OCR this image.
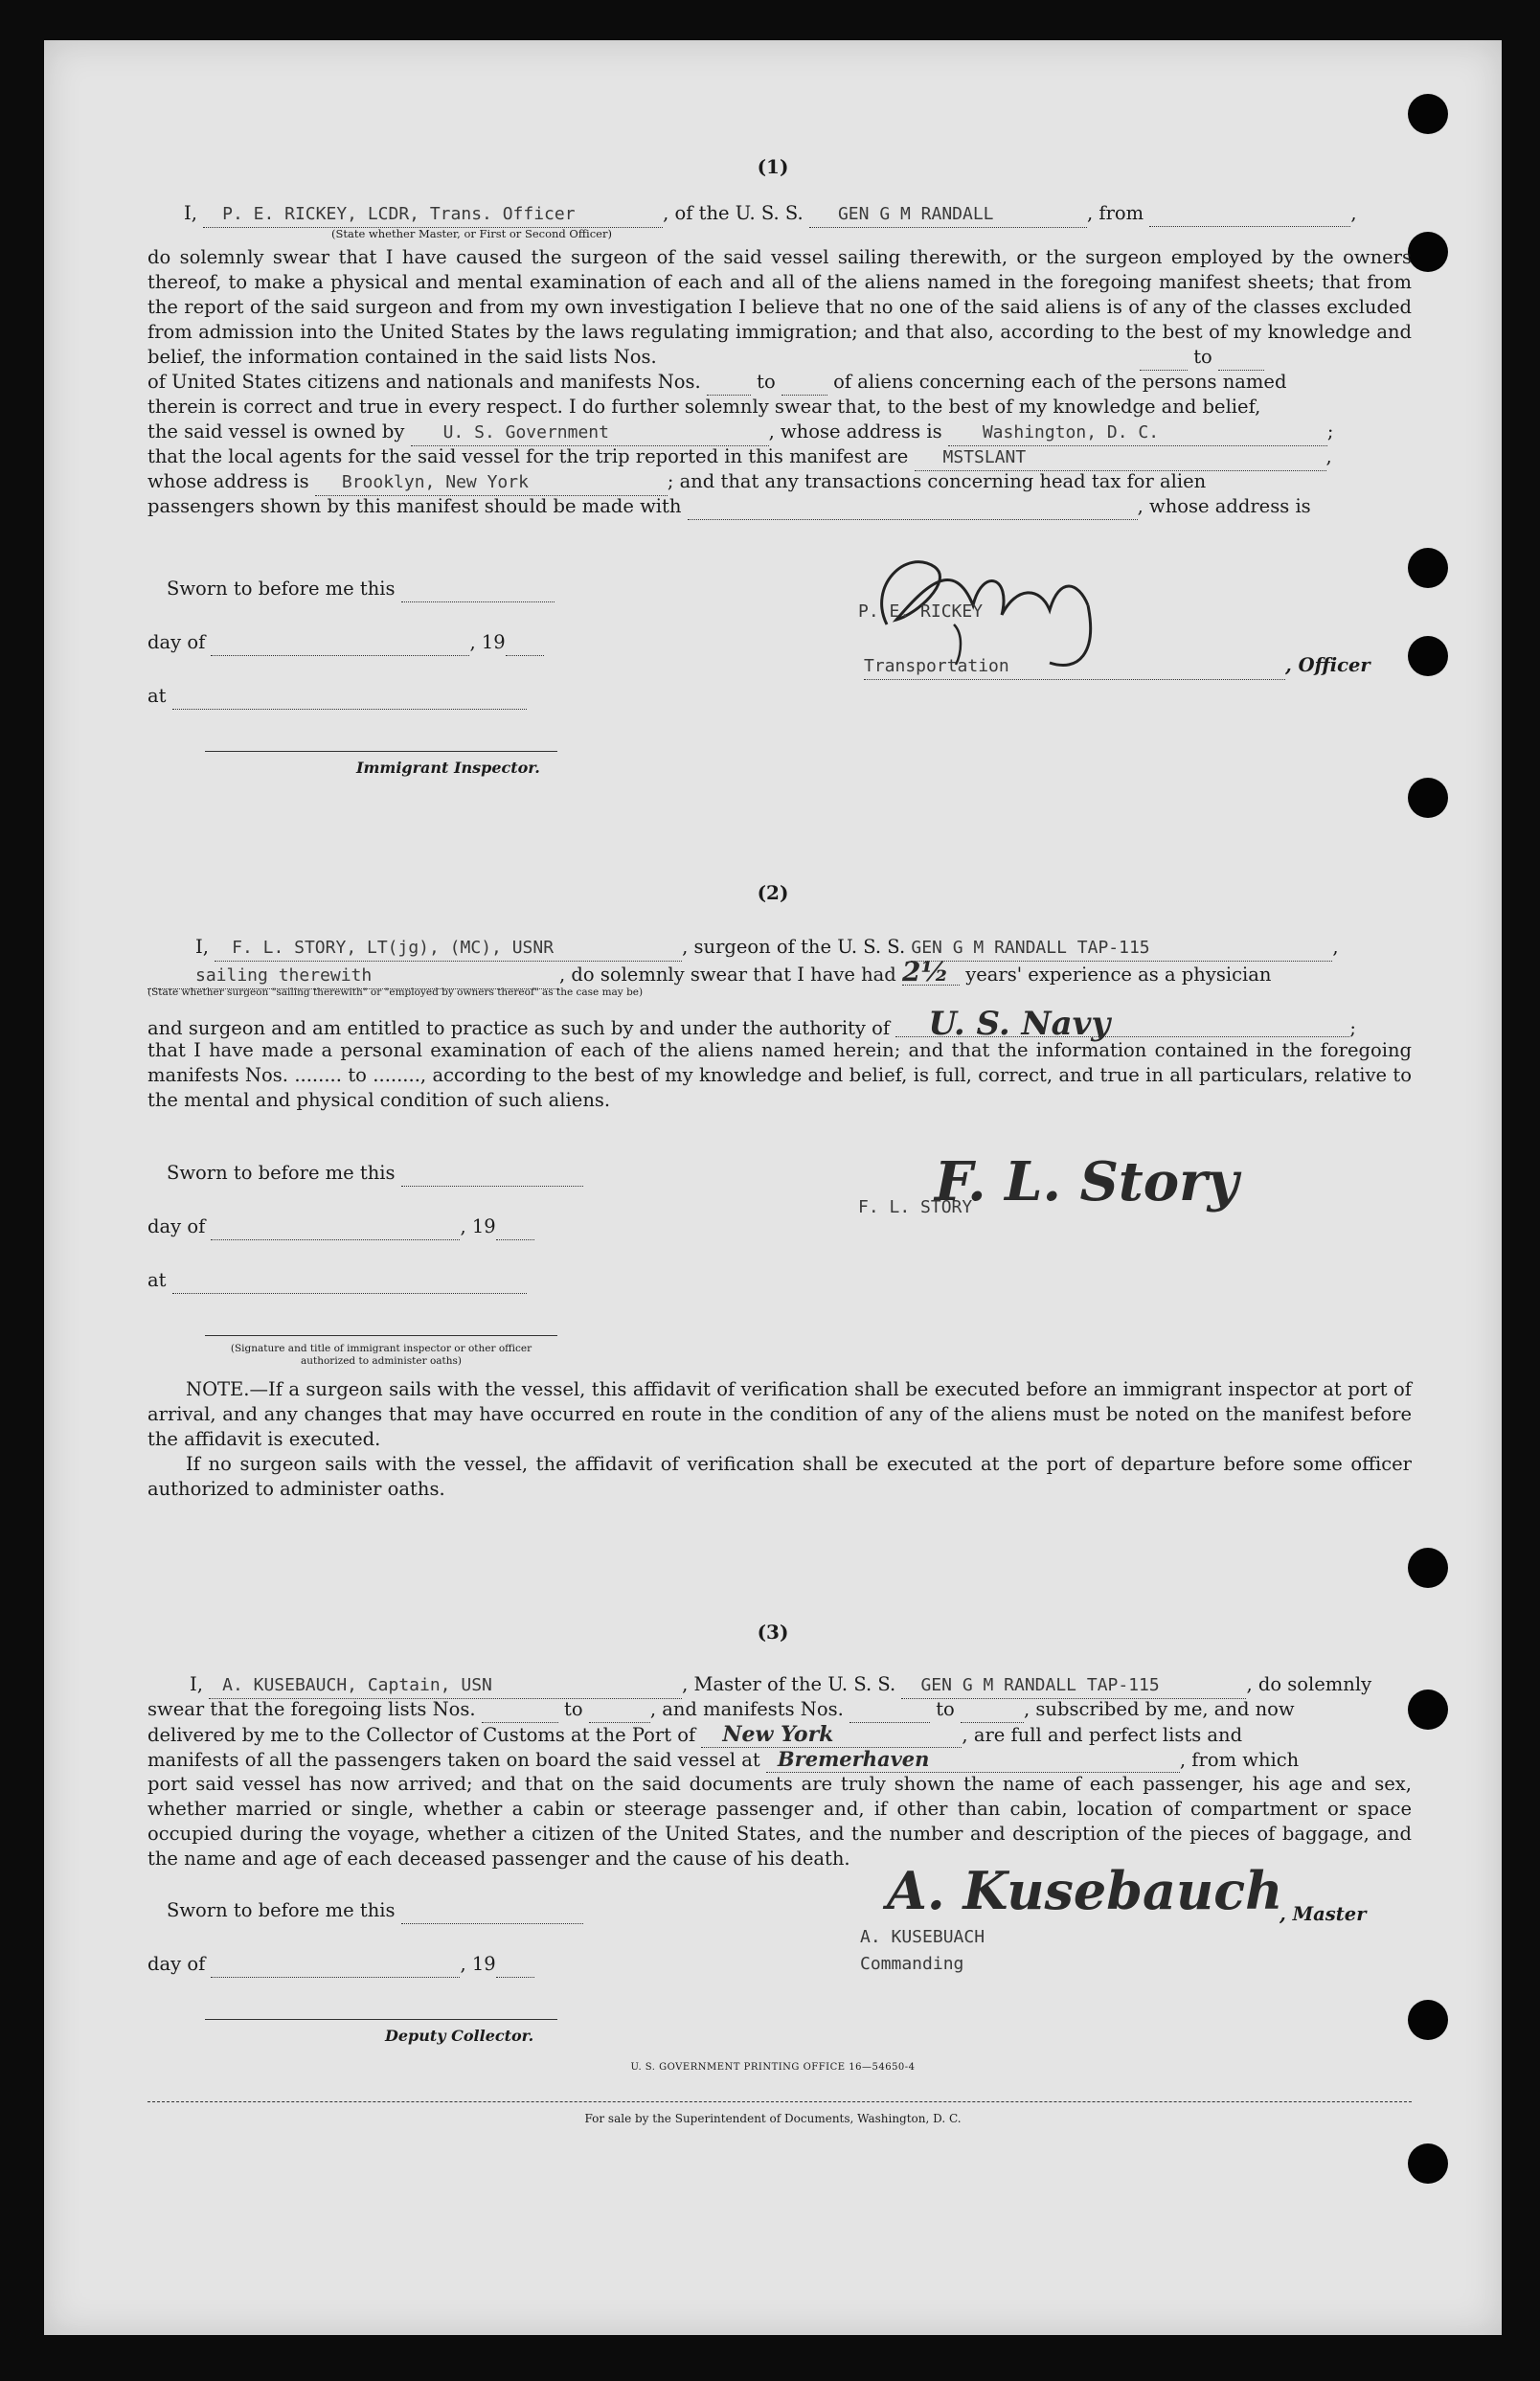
(1)
I, P. E. RICKEY, LCDR, Trans. Officer	, of the U. S. S. GEN G M RANDALL	, from	,
(State whether Master, or First or Second Officer)
do solemnly swear that I have caused the surgeon of the said vessel sailing therewith, or the surgeon employed by the owners thereof, to make a physical and mental examination of each and all of the aliens named in the foregoing manifest sheets; that from the report of the said surgeon and from my own investigation I believe that no one of the said aliens is of any of the classes excluded from admission into the United States by the laws regulating immigration; and that also, according to the best of my knowledge and belief, the information contained in the said lists Nos.	to
of United States citizens and nationals and manifests Nos.	to	of aliens concerning each of the persons named
therein is correct and true in every respect. I do further solemnly swear that, to the best of my knowledge and belief,
the said vessel is owned by U. S. Government	, whose address is Washington, D. C.	;
that the local agents for the said vessel for the trip reported in this manifest are MSTSLANT	,
whose address is Brooklyn, New York	; and that any transactions concerning head tax for alien
passengers shown by this manifest should be made with	, whose address is
Sworn to before me this
day of	, 19
at
Immigrant Inspector.
P. E. RICKEY
Transportation	, Officer
(2)
I, F. L. STORY, LT(jg), (MC), USNR	, surgeon of the U. S. S. GEN G M RANDALL TAP-115	,
sailing therewith	, do solemnly swear that I have had 2½ years' experience as a physician
(State whether surgeon "sailing therewith" or "employed by owners thereof" as the case may be)
and surgeon and am entitled to practice as such by and under the authority of U. S. Navy	;
that I have made a personal examination of each of the aliens named herein; and that the information contained in the foregoing manifests Nos. ........ to ........, according to the best of my knowledge and belief, is full, correct, and true in all particulars, relative to the mental and physical condition of such aliens.
Sworn to before me this
day of	, 19
at
(Signature and title of immigrant inspector or other officer authorized to administer oaths)
F. L. Story
F. L. STORY
NOTE.—If a surgeon sails with the vessel, this affidavit of verification shall be executed before an immigrant inspector at port of arrival, and any changes that may have occurred en route in the condition of any of the aliens must be noted on the manifest before the affidavit is executed.
If no surgeon sails with the vessel, the affidavit of verification shall be executed at the port of departure before some officer authorized to administer oaths.
(3)
I, A. KUSEBAUCH, Captain, USN	, Master of the U. S. S. GEN G M RANDALL TAP-115	, do solemnly
swear that the foregoing lists Nos.	to	, and manifests Nos.	to	, subscribed by me, and now
delivered by me to the Collector of Customs at the Port of New York	, are full and perfect lists and
manifests of all the passengers taken on board the said vessel at Bremerhaven	, from which
port said vessel has now arrived; and that on the said documents are truly shown the name of each passenger, his age and sex, whether married or single, whether a cabin or steerage passenger and, if other than cabin, location of compartment or space occupied during the voyage, whether a citizen of the United States, and the number and description of the pieces of baggage, and the name and age of each deceased passenger and the cause of his death.
Sworn to before me this
day of	, 19
Deputy Collector.
A. Kusebauch
, Master
A. KUSEBUACH
Commanding
U. S. GOVERNMENT PRINTING OFFICE 16—54650-4
For sale by the Superintendent of Documents, Washington, D. C.
